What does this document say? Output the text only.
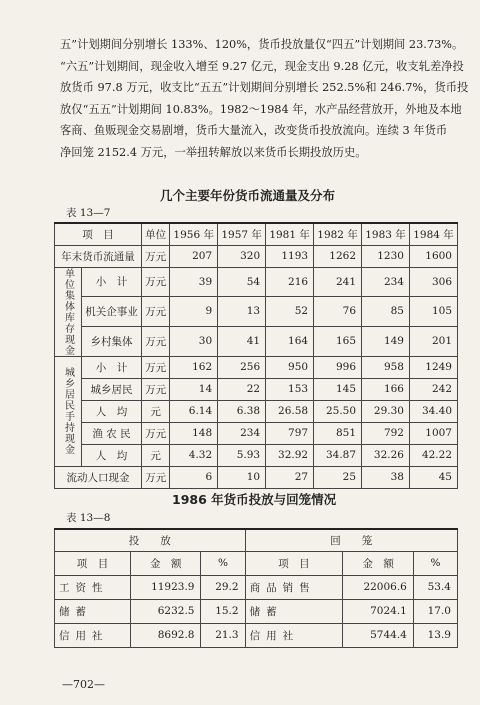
五”计划期间分别增长 133%、120%，货币投放量仅“四五”计划期间 23.73%。
“六五”计划期间，现金收入增至 9.27 亿元，现金支出 9.28 亿元，收支轧差净投
放货币 97.8 万元，收支比“五五”计划期间分别增长 252.5%和 246.7%，货币投
放仅“五五”计划期间 10.83%。1982～1984 年，水产品经营放开，外地及本地
客商、鱼贩现金交易剧增，货币大量流入，改变货币投放流向。连续 3 年货币
净回笼 2152.4 万元，一举扭转解放以来货币长期投放历史。

几个主要年份货币流通量及分布
表 13—7
项　目		单位	1956 年	1957 年	1981 年	1982 年	1983 年	1984 年
年末货币流通量		万元	207	320	1193	1262	1230	1600
单位集体库存现金	小　计	万元	39	54	216	241	234	306
	机关企事业	万元	9	13	52	76	85	105
	乡村集体	万元	30	41	164	165	149	201
城乡居民手持现金	小　计	万元	162	256	950	996	958	1249
	城乡居民	万元	14	22	153	145	166	242
	人　均	元	6.14	6.38	26.58	25.50	29.30	34.40
	渔 农 民	万元	148	234	797	851	792	1007
	人　均	元	4.32	5.93	32.92	34.87	32.26	42.22
流动人口现金		万元	6	10	27	25	38	45
1986 年货币投放与回笼情况
表 13—8
投　　放			回　　笼		
项　目	金　额	%	项　目	金　额	%
工资性	11923.9	29.2	商品销售	22006.6	53.4
储蓄	6232.5	15.2	储蓄	7024.1	17.0
信用社	8692.8	21.3	信用社	5744.4	13.9
—702—
